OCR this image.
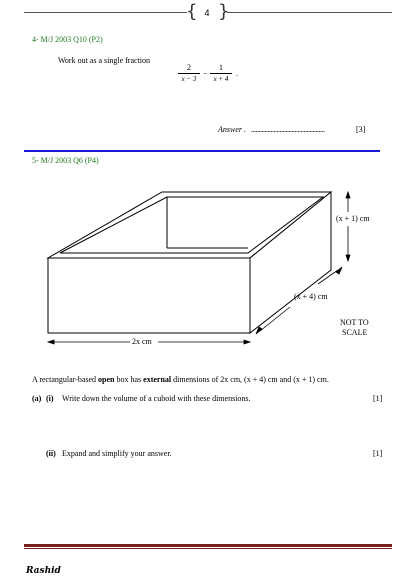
{ }
4
4- M/J 2003 Q10 (P2)
Work out as a single fraction
2
x − 3
−
1
x + 4
.
Answer . .................................................	[3]
5- M/J 2003 Q6 (P4)
(x + 1) cm
(x + 4) cm
2x cm
NOT TO
SCALE
A rectangular-based open box has external dimensions of 2x cm, (x + 4) cm and (x + 1) cm.
(a) (i) Write down the volume of a cuboid with these dimensions.	[1]
(ii) Expand and simplify your answer.	[1]
Rashid
